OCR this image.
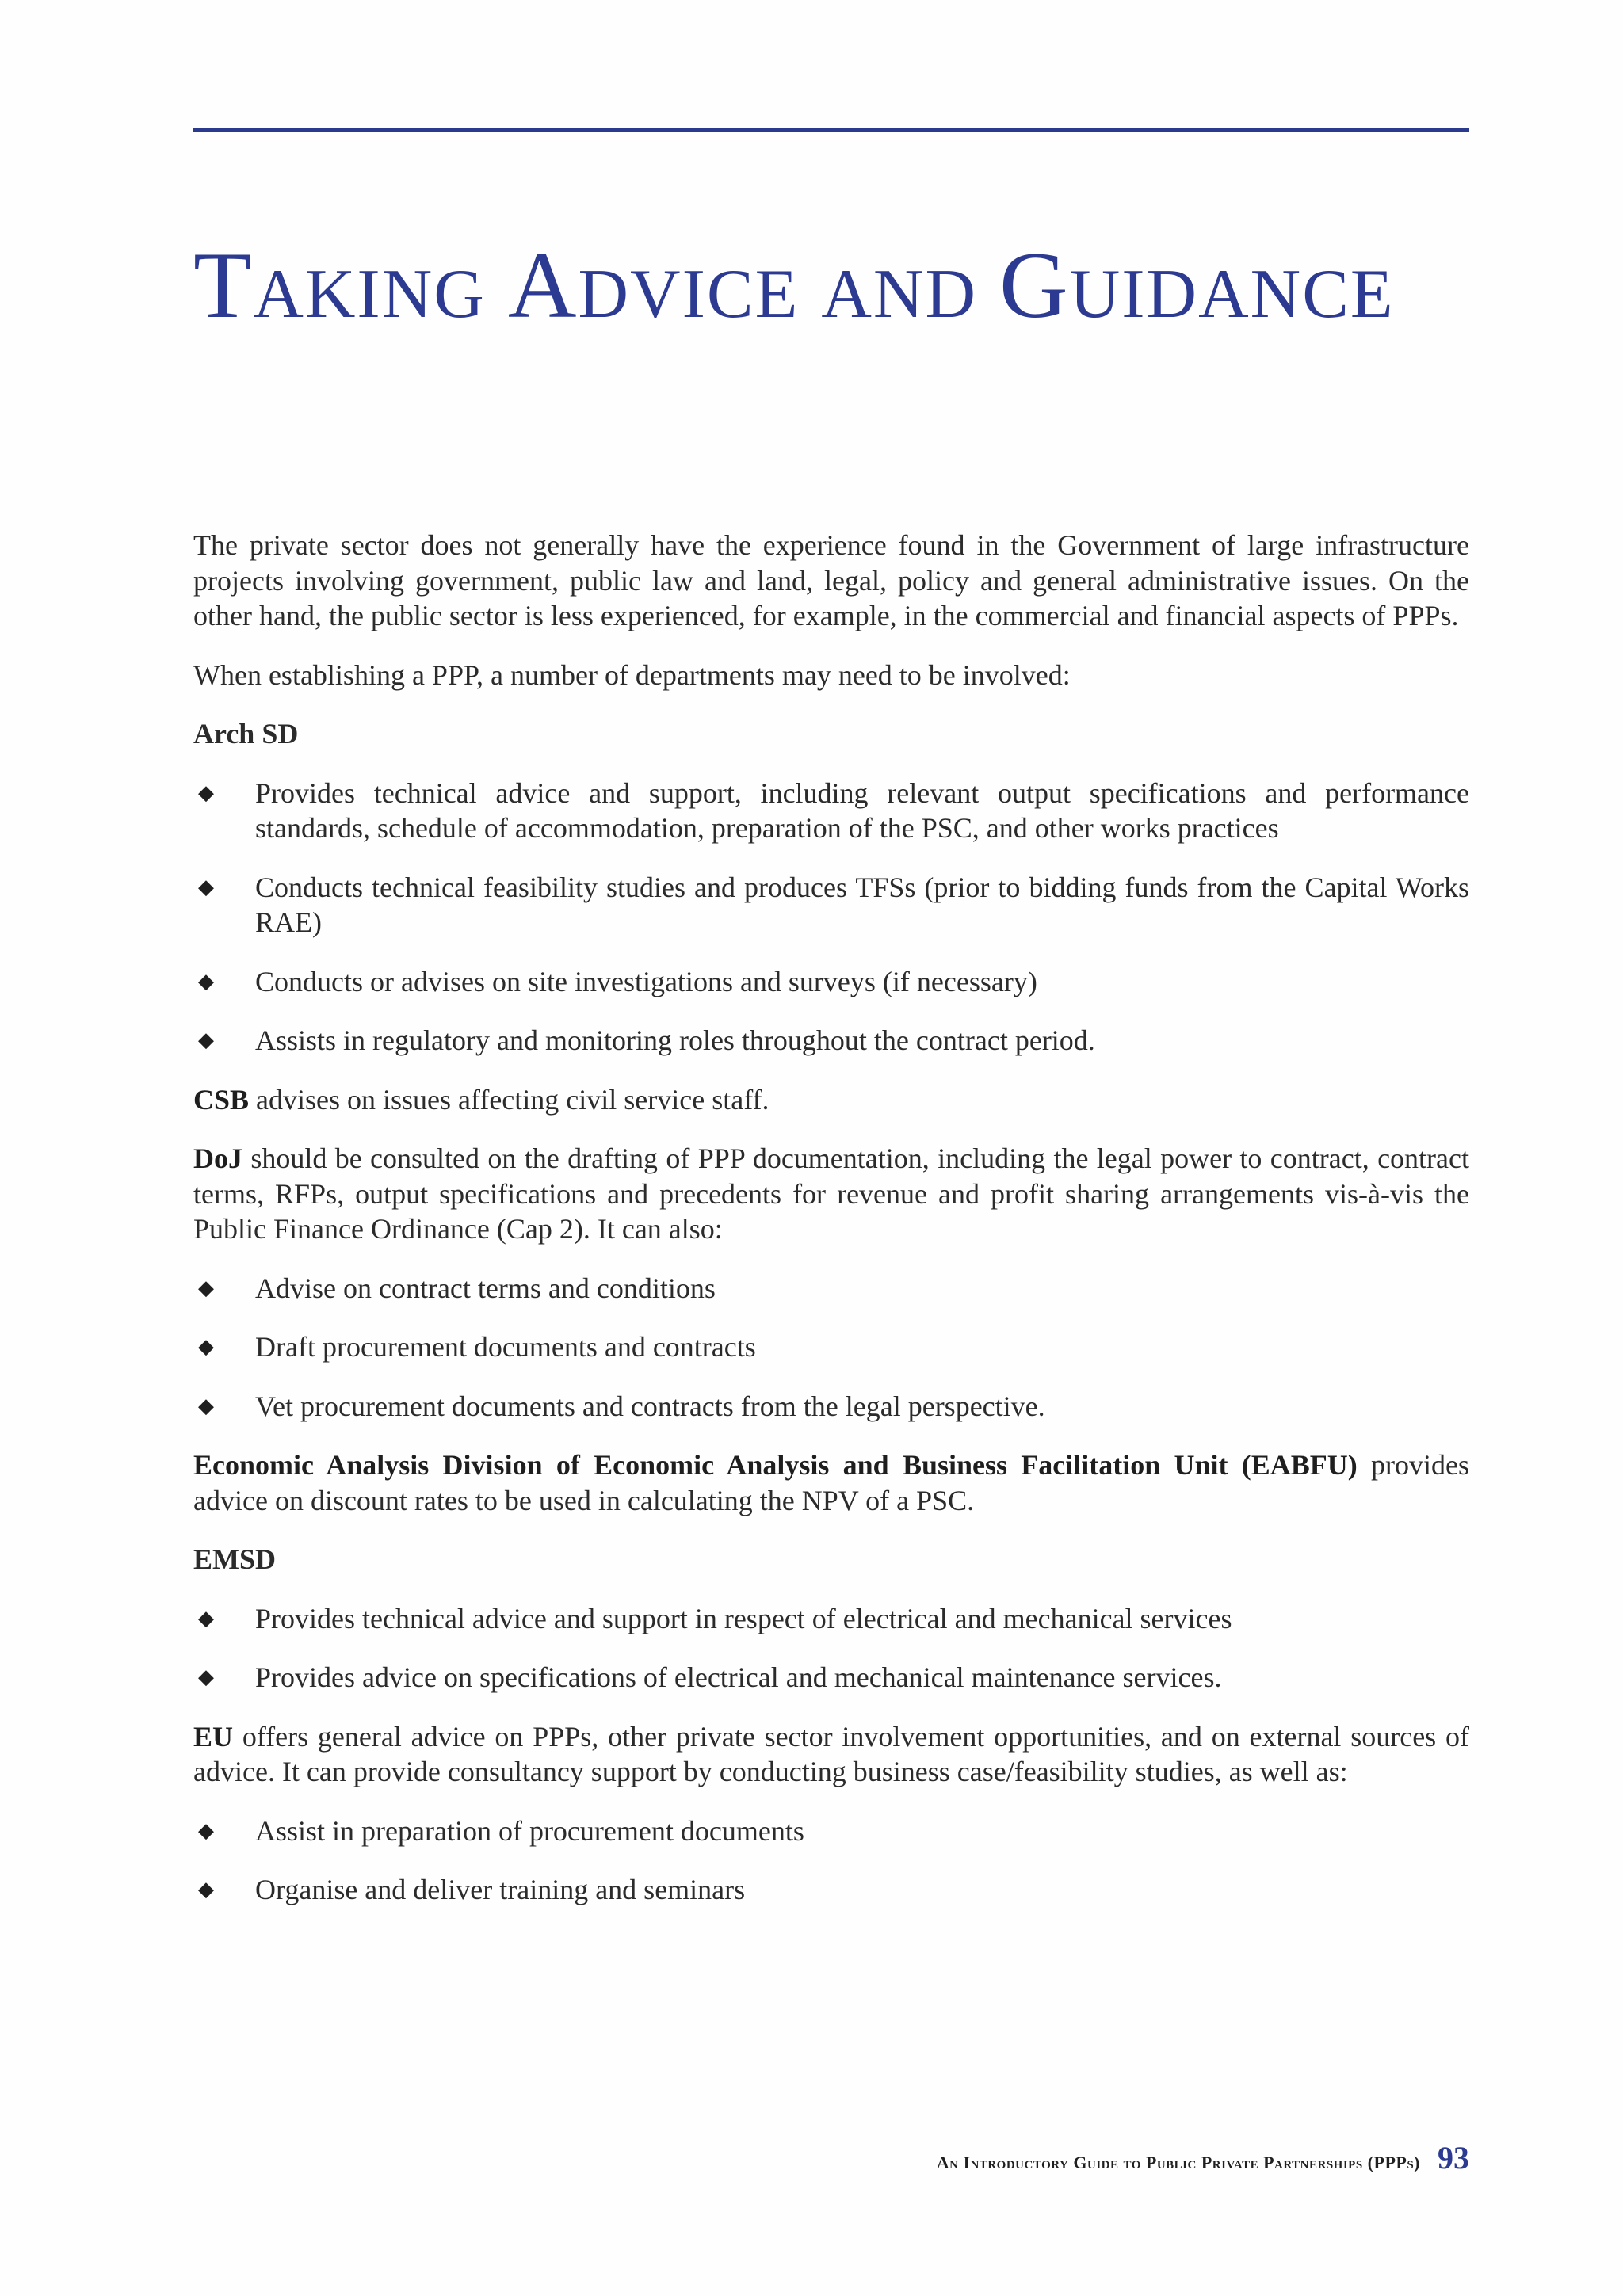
TAKING ADVICE AND GUIDANCE

The private sector does not generally have the experience found in the Government of large infrastructure projects involving government, public law and land, legal, policy and general administrative issues. On the other hand, the public sector is less experienced, for example, in the commercial and financial aspects of PPPs.

When establishing a PPP, a number of departments may need to be involved:

Arch SD

◆ Provides technical advice and support, including relevant output specifications and performance standards, schedule of accommodation, preparation of the PSC, and other works practices
◆ Conducts technical feasibility studies and produces TFSs (prior to bidding funds from the Capital Works RAE)
◆ Conducts or advises on site investigations and surveys (if necessary)
◆ Assists in regulatory and monitoring roles throughout the contract period.

CSB advises on issues affecting civil service staff.

DoJ should be consulted on the drafting of PPP documentation, including the legal power to contract, contract terms, RFPs, output specifications and precedents for revenue and profit sharing arrangements vis-à-vis the Public Finance Ordinance (Cap 2). It can also:

◆ Advise on contract terms and conditions
◆ Draft procurement documents and contracts
◆ Vet procurement documents and contracts from the legal perspective.

Economic Analysis Division of Economic Analysis and Business Facilitation Unit (EABFU) provides advice on discount rates to be used in calculating the NPV of a PSC.

EMSD

◆ Provides technical advice and support in respect of electrical and mechanical services
◆ Provides advice on specifications of electrical and mechanical maintenance services.

EU offers general advice on PPPs, other private sector involvement opportunities, and on external sources of advice. It can provide consultancy support by conducting business case/feasibility studies, as well as:

◆ Assist in preparation of procurement documents
◆ Organise and deliver training and seminars
An Introductory Guide to Public Private Partnerships (PPPs) 93
